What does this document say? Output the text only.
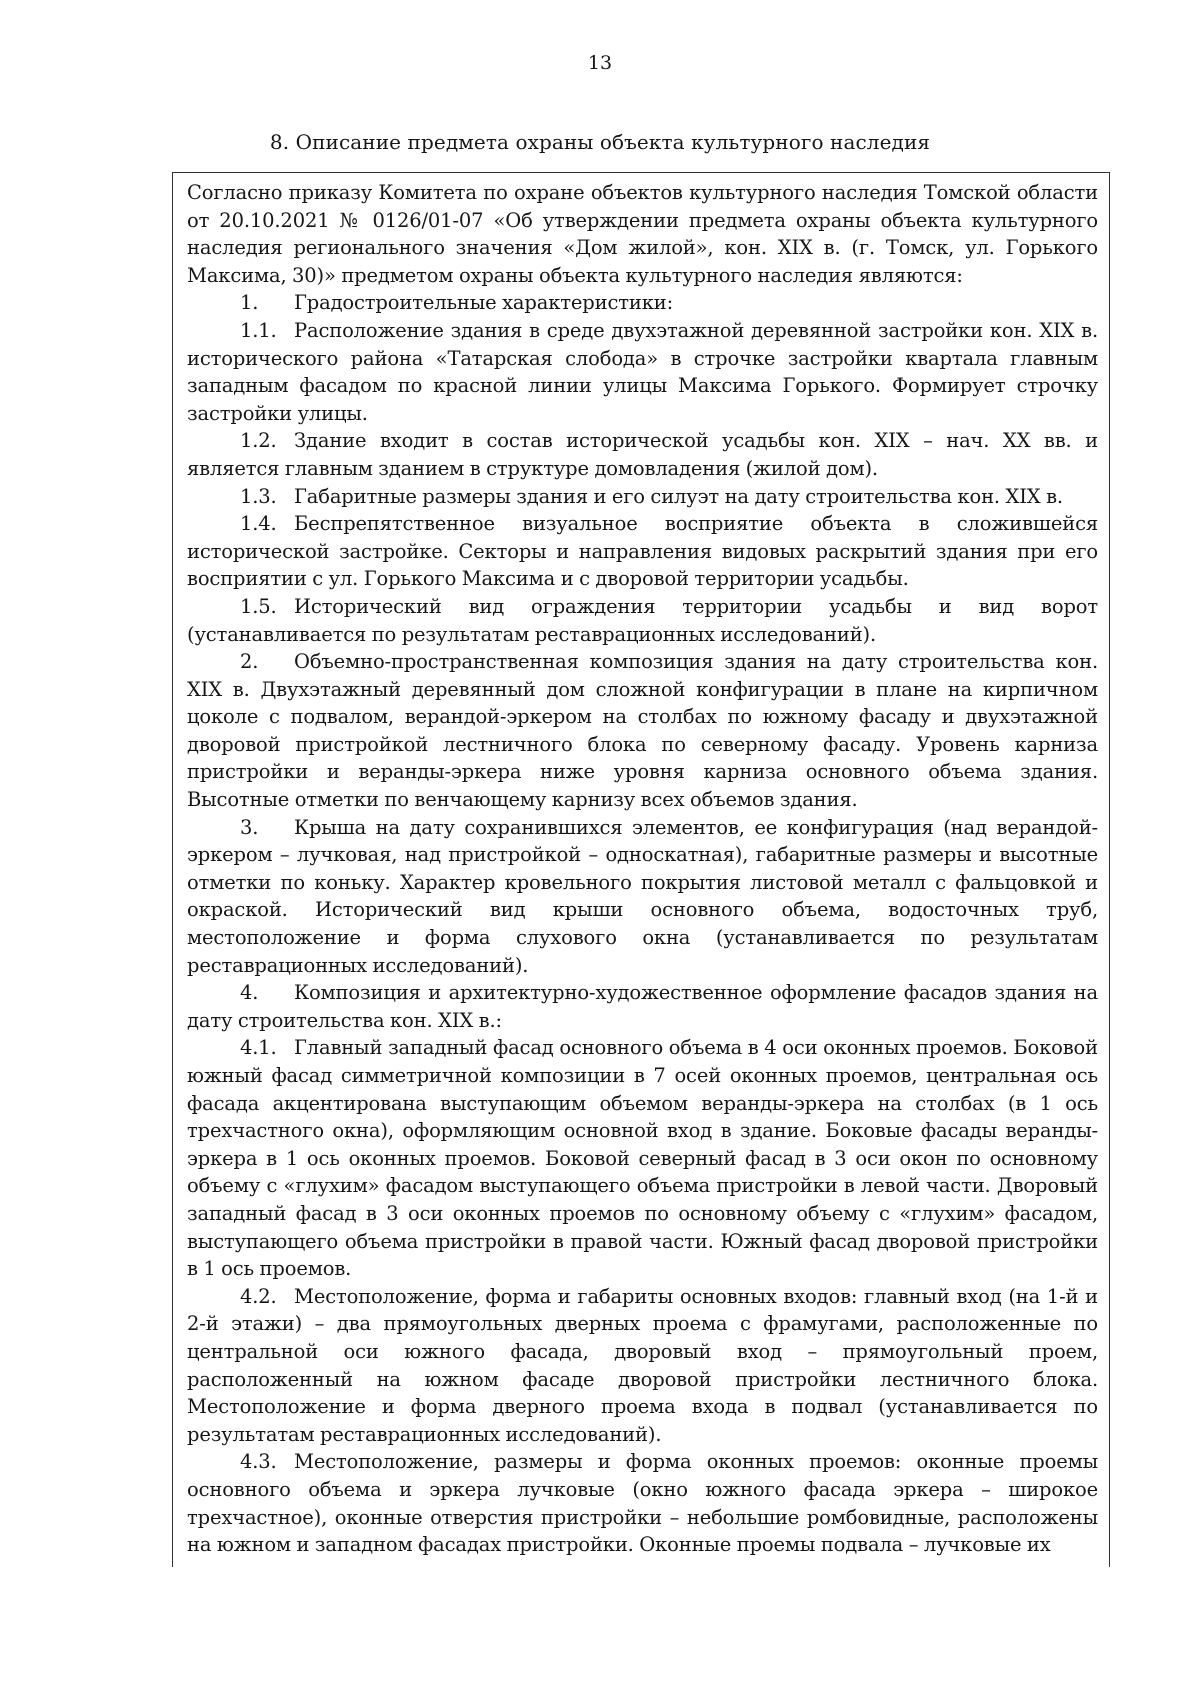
13
8. Описание предмета охраны объекта культурного наследия

Согласно приказу Комитета по охране объектов культурного наследия Томской области от 20.10.2021 № 0126/01-07 «Об утверждении предмета охраны объекта культурного наследия регионального значения «Дом жилой», кон. XIX в. (г. Томск, ул. Горького Максима, 30)» предметом охраны объекта культурного наследия являются:

1. Градостроительные характеристики:

1.1. Расположение здания в среде двухэтажной деревянной застройки кон. XIX в. исторического района «Татарская слобода» в строчке застройки квартала главным западным фасадом по красной линии улицы Максима Горького. Формирует строчку застройки улицы.

1.2. Здание входит в состав исторической усадьбы кон. XIX – нач. XX вв. и является главным зданием в структуре домовладения (жилой дом).

1.3. Габаритные размеры здания и его силуэт на дату строительства кон. XIX в.

1.4. Беспрепятственное визуальное восприятие объекта в сложившейся исторической застройке. Секторы и направления видовых раскрытий здания при его восприятии с ул. Горького Максима и с дворовой территории усадьбы.

1.5. Исторический вид ограждения территории усадьбы и вид ворот (устанавливается по результатам реставрационных исследований).

2. Объемно-пространственная композиция здания на дату строительства кон. XIX в. Двухэтажный деревянный дом сложной конфигурации в плане на кирпичном цоколе с подвалом, верандой-эркером на столбах по южному фасаду и двухэтажной дворовой пристройкой лестничного блока по северному фасаду. Уровень карниза пристройки и веранды-эркера ниже уровня карниза основного объема здания. Высотные отметки по венчающему карнизу всех объемов здания.

3. Крыша на дату сохранившихся элементов, ее конфигурация (над верандой-эркером – лучковая, над пристройкой – односкатная), габаритные размеры и высотные отметки по коньку. Характер кровельного покрытия листовой металл с фальцовкой и окраской. Исторический вид крыши основного объема, водосточных труб, местоположение и форма слухового окна (устанавливается по результатам реставрационных исследований).

4. Композиция и архитектурно-художественное оформление фасадов здания на дату строительства кон. XIX в.:

4.1. Главный западный фасад основного объема в 4 оси оконных проемов. Боковой южный фасад симметричной композиции в 7 осей оконных проемов, центральная ось фасада акцентирована выступающим объемом веранды-эркера на столбах (в 1 ось трехчастного окна), оформляющим основной вход в здание. Боковые фасады веранды-эркера в 1 ось оконных проемов. Боковой северный фасад в 3 оси окон по основному объему с «глухим» фасадом выступающего объема пристройки в левой части. Дворовый западный фасад в 3 оси оконных проемов по основному объему с «глухим» фасадом, выступающего объема пристройки в правой части. Южный фасад дворовой пристройки в 1 ось проемов.

4.2. Местоположение, форма и габариты основных входов: главный вход (на 1-й и 2-й этажи) – два прямоугольных дверных проема с фрамугами, расположенные по центральной оси южного фасада, дворовый вход – прямоугольный проем, расположенный на южном фасаде дворовой пристройки лестничного блока. Местоположение и форма дверного проема входа в подвал (устанавливается по результатам реставрационных исследований).

4.3. Местоположение, размеры и форма оконных проемов: оконные проемы основного объема и эркера лучковые (окно южного фасада эркера – широкое трехчастное), оконные отверстия пристройки – небольшие ромбовидные, расположены на южном и западном фасадах пристройки. Оконные проемы подвала – лучковые их
